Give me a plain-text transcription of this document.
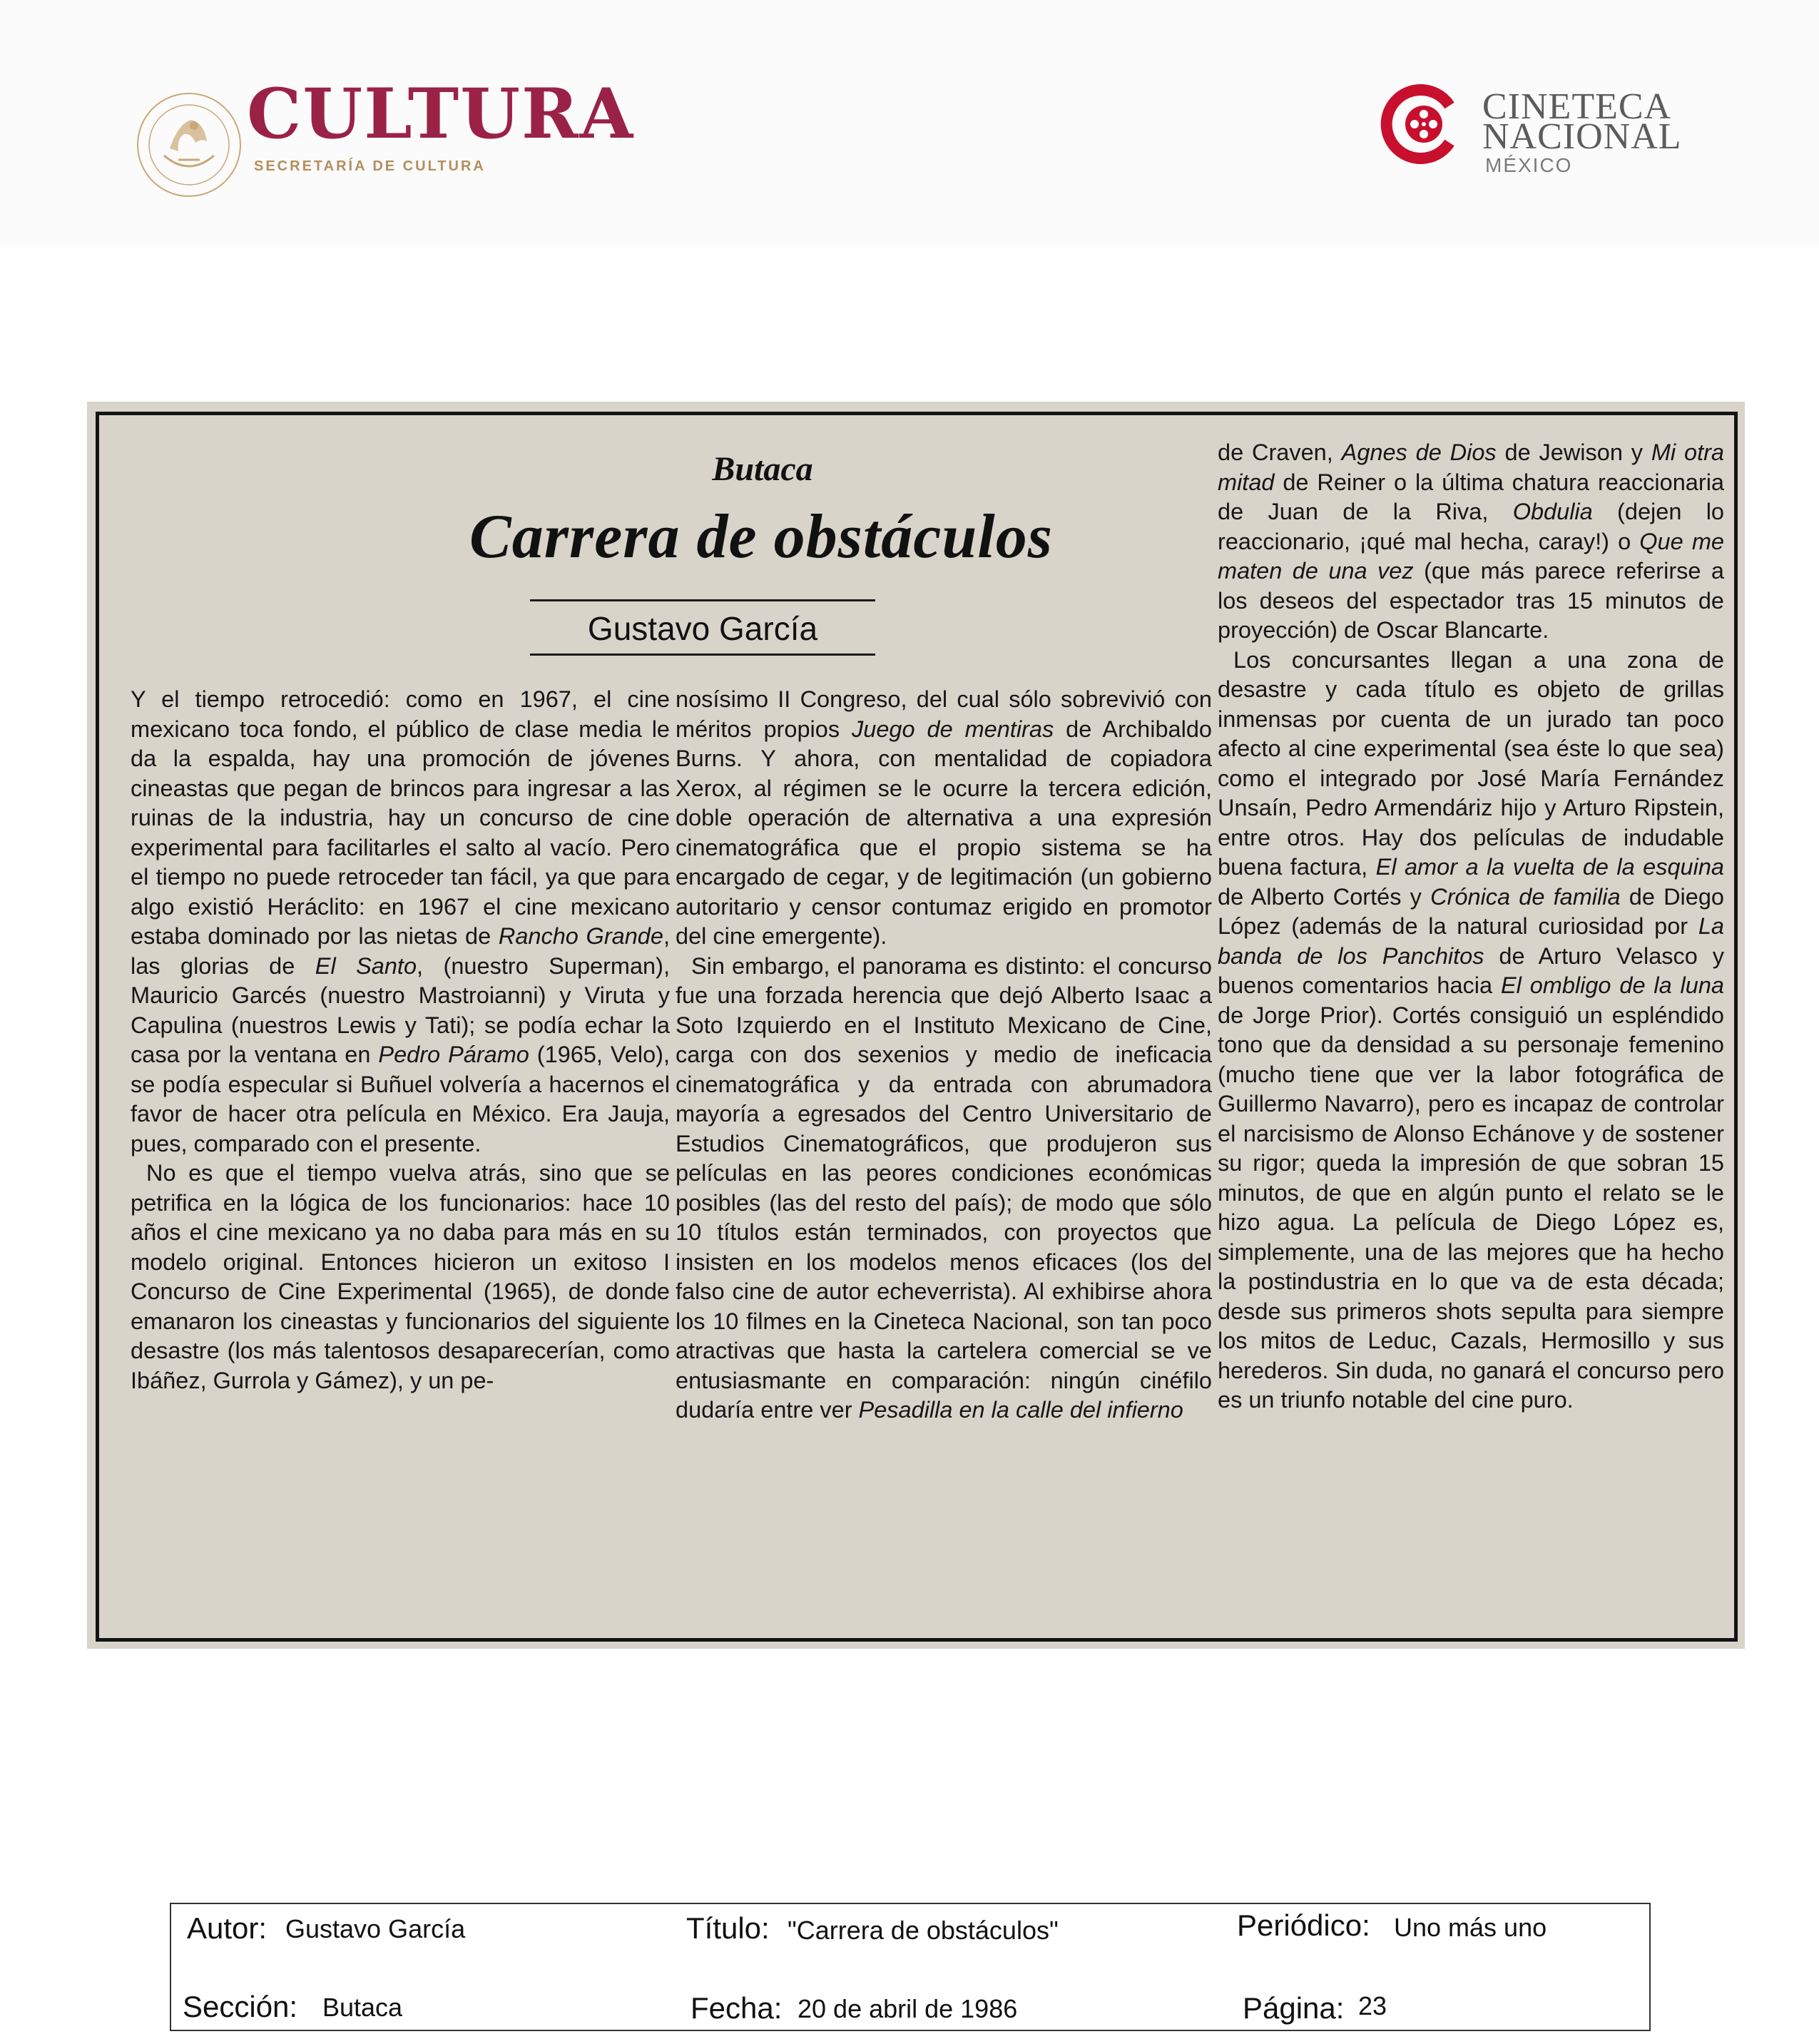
CULTURA
SECRETARÍA DE CULTURA
CINETECA
NACIONAL
MÉXICO
Butaca
Carrera de obstáculos
Gustavo García

Y el tiempo retrocedió: como en 1967, el cine mexicano toca fondo, el público de clase media le da la espalda, hay una promoción de jóvenes cineastas que pegan de brincos para ingresar a las ruinas de la industria, hay un concurso de cine experimental para facilitarles el salto al vacío. Pero el tiempo no puede retroceder tan fácil, ya que para algo existió Heráclito: en 1967 el cine mexicano estaba dominado por las nietas de Rancho Grande, las glorias de El Santo, (nuestro Superman), Mauricio Garcés (nuestro Mastroianni) y Viruta y Capulina (nuestros Lewis y Tati); se podía echar la casa por la ventana en Pedro Páramo (1965, Velo), se podía especular si Buñuel volvería a hacernos el favor de hacer otra película en México. Era Jauja, pues, comparado con el presente.

No es que el tiempo vuelva atrás, sino que se petrifica en la lógica de los funcionarios: hace 10 años el cine mexicano ya no daba para más en su modelo original. Entonces hicieron un exitoso I Concurso de Cine Experimental (1965), de donde emanaron los cineastas y funcionarios del siguiente desastre (los más talentosos desaparecerían, como Ibáñez, Gurrola y Gámez), y un pe-

nosísimo II Congreso, del cual sólo sobrevivió con méritos propios Juego de mentiras de Archibaldo Burns. Y ahora, con mentalidad de copiadora Xerox, al régimen se le ocurre la tercera edición, doble operación de alternativa a una expresión cinematográfica que el propio sistema se ha encargado de cegar, y de legitimación (un gobierno autoritario y censor contumaz erigido en promotor del cine emergente).

Sin embargo, el panorama es distinto: el concurso fue una forzada herencia que dejó Alberto Isaac a Soto Izquierdo en el Instituto Mexicano de Cine, carga con dos sexenios y medio de ineficacia cinematográfica y da entrada con abrumadora mayoría a egresados del Centro Universitario de Estudios Cinematográficos, que produjeron sus películas en las peores condiciones económicas posibles (las del resto del país); de modo que sólo 10 títulos están terminados, con proyectos que insisten en los modelos menos eficaces (los del falso cine de autor echeverrista). Al exhibirse ahora los 10 filmes en la Cineteca Nacional, son tan poco atractivas que hasta la cartelera comercial se ve entusiasmante en comparación: ningún cinéfilo dudaría entre ver Pesadilla en la calle del infierno

de Craven, Agnes de Dios de Jewison y Mi otra mitad de Reiner o la última chatura reaccionaria de Juan de la Riva, Obdulia (dejen lo reaccionario, ¡qué mal hecha, caray!) o Que me maten de una vez (que más parece referirse a los deseos del espectador tras 15 minutos de proyección) de Oscar Blancarte.

Los concursantes llegan a una zona de desastre y cada título es objeto de grillas inmensas por cuenta de un jurado tan poco afecto al cine experimental (sea éste lo que sea) como el integrado por José María Fernández Unsaín, Pedro Armendáriz hijo y Arturo Ripstein, entre otros. Hay dos películas de indudable buena factura, El amor a la vuelta de la esquina de Alberto Cortés y Crónica de familia de Diego López (además de la natural curiosidad por La banda de los Panchitos de Arturo Velasco y buenos comentarios hacia El ombligo de la luna de Jorge Prior). Cortés consiguió un espléndido tono que da densidad a su personaje femenino (mucho tiene que ver la labor fotográfica de Guillermo Navarro), pero es incapaz de controlar el narcisismo de Alonso Echánove y de sostener su rigor; queda la impresión de que sobran 15 minutos, de que en algún punto el relato se le hizo agua. La película de Diego López es, simplemente, una de las mejores que ha hecho la postindustria en lo que va de esta década; desde sus primeros shots sepulta para siempre los mitos de Leduc, Cazals, Hermosillo y sus herederos. Sin duda, no ganará el concurso pero es un triunfo notable del cine puro.

Autor: Gustavo García	Título: "Carrera de obstáculos"	Periódico: Uno más uno
Sección: Butaca	Fecha: 20 de abril de 1986	Página: 23
